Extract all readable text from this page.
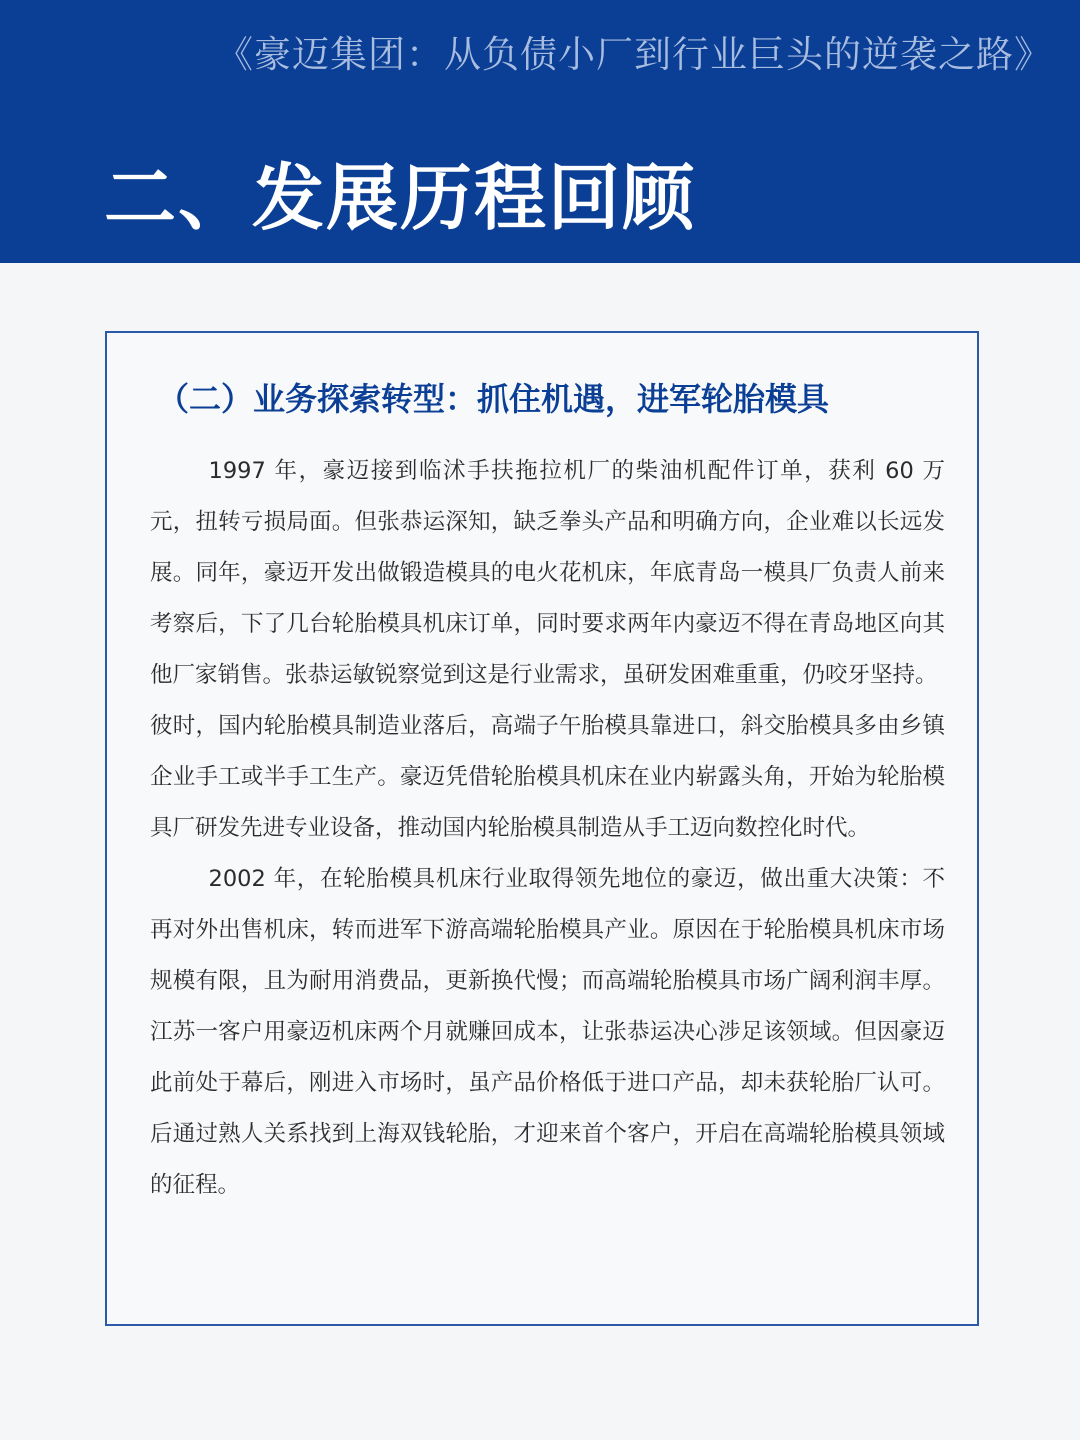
《豪迈集团：从负债小厂到行业巨头的逆袭之路》
二、发展历程回顾
（二）业务探索转型：抓住机遇，进军轮胎模具

1997 年，豪迈接到临沭手扶拖拉机厂的柴油机配件订单，获利 60 万元，扭转亏损局面。但张恭运深知，缺乏拳头产品和明确方向，企业难以长远发展。同年，豪迈开发出做锻造模具的电火花机床，年底青岛一模具厂负责人前来考察后，下了几台轮胎模具机床订单，同时要求两年内豪迈不得在青岛地区向其他厂家销售。张恭运敏锐察觉到这是行业需求，虽研发困难重重，仍咬牙坚持。

彼时，国内轮胎模具制造业落后，高端子午胎模具靠进口，斜交胎模具多由乡镇企业手工或半手工生产。豪迈凭借轮胎模具机床在业内崭露头角，开始为轮胎模具厂研发先进专业设备，推动国内轮胎模具制造从手工迈向数控化时代。

2002 年，在轮胎模具机床行业取得领先地位的豪迈，做出重大决策：不再对外出售机床，转而进军下游高端轮胎模具产业。原因在于轮胎模具机床市场规模有限，且为耐用消费品，更新换代慢；而高端轮胎模具市场广阔利润丰厚。江苏一客户用豪迈机床两个月就赚回成本，让张恭运决心涉足该领域。但因豪迈此前处于幕后，刚进入市场时，虽产品价格低于进口产品，却未获轮胎厂认可。后通过熟人关系找到上海双钱轮胎，才迎来首个客户，开启在高端轮胎模具领域的征程。
